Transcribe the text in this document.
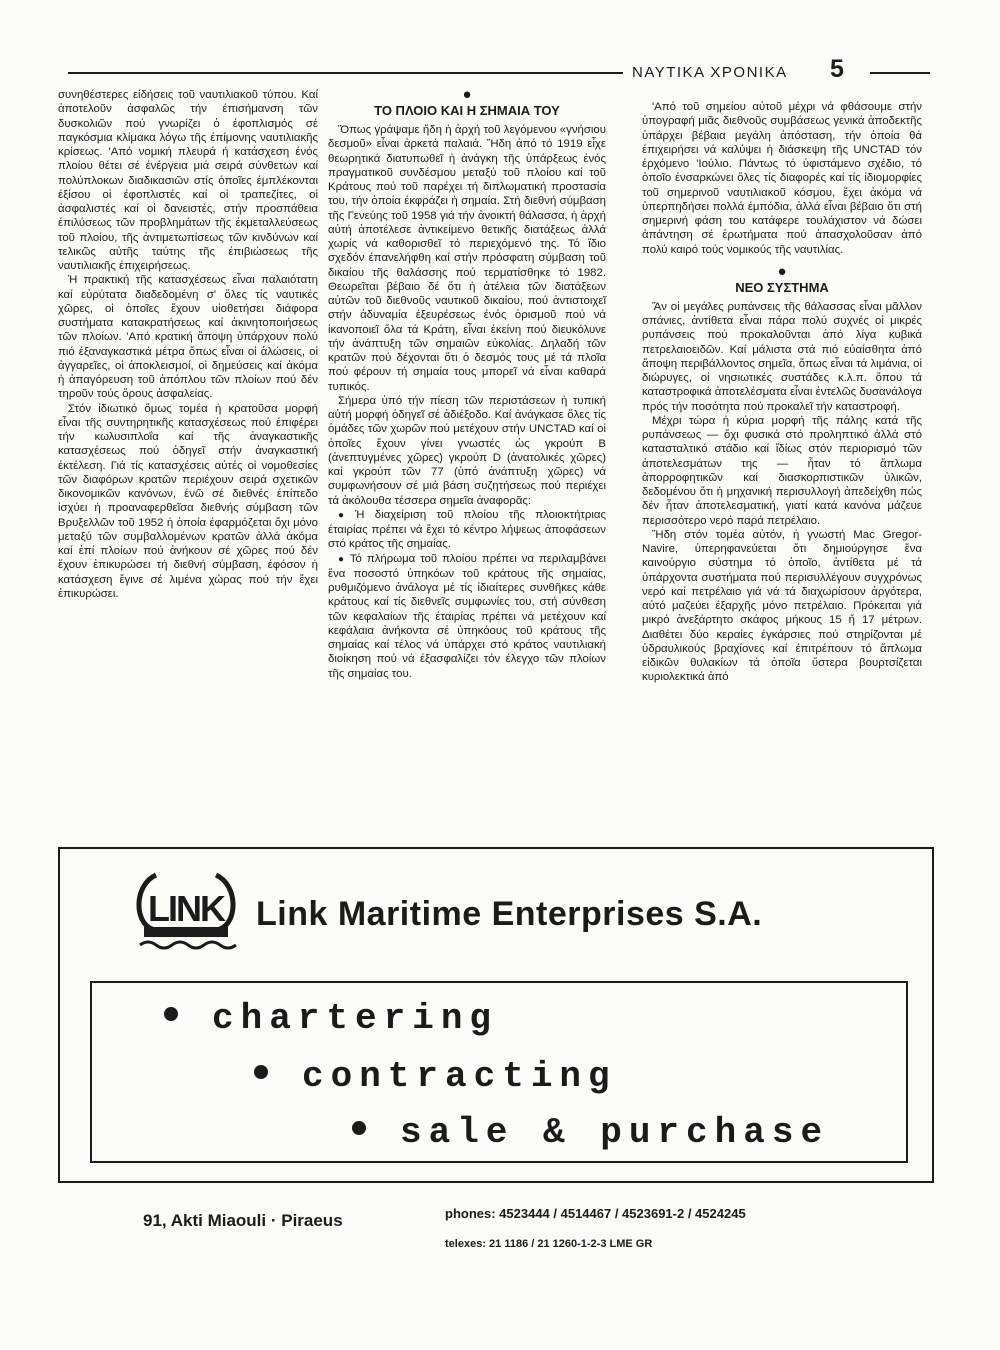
ΝΑΥΤΙΚΑ ΧΡΟΝΙΚΑ 5

συνηθέστερες είδήσεις τοῦ ναυτιλιακοῦ τύπου. Καί ἀποτελοῦν ἀσφαλῶς τήν έπισήμανση τῶν δυσκολιῶν πού γνωρίζει ὁ έφοπλισμός σέ παγκόσμια κλίμακα λόγω τῆς έπίμονης ναυτιλιακῆς κρίσεως. 'Από νομική πλευρά ή κατάσχεση ένός πλοίου θέτει σέ ένέργεια μιά σειρά σύνθετων καί πολύπλοκων διαδικασιῶν στίς όποῖες έμπλέκονται έξίσου οἱ έφοπλιστές καί οἱ τραπεζίτες, οἱ ἀσφαλιστές καί οἱ δανειστές, στήν προσπάθεια έπιλύσεως τῶν προβλημάτων τῆς έκμεταλλεύσεως τοῦ πλοίου, τῆς ἀντιμετωπίσεως τῶν κινδύνων καί τελικῶς αὐτῆς ταύτης τῆς έπιβιώσεως τῆς ναυτιλιακῆς έπιχειρήσεως.

Ἡ πρακτική τῆς κατασχέσεως εἶναι παλαιότατη καί εὐρύτατα διαδεδομένη σ' ὅλες τίς ναυτικές χῶρες, οἱ ὁποῖες ἔχουν υἱοθετήσει διάφορα συστήματα κατακρατήσεως καί ἀκινητοποιήσεως τῶν πλοίων. 'Από κρατική ἄποψη ὑπάρχουν πολύ πιό έξαναγκαστικά μέτρα ὅπως εἶναι οἱ ἁλώσεις, οἱ ἀγγαρεῖες, οἱ ἀποκλεισμοί, οἱ δημεύσεις καί ἀκόμα ἡ ἀπαγόρευση τοῦ ἀπόπλου τῶν πλοίων πού δέν τηροῦν τούς ὅρους ἀσφαλείας.

Στόν ἰδιωτικό ὅμως τομέα ἡ κρατοῦσα μορφή εἶναι τῆς συντηρητικῆς κατασχέσεως πού έπιφέρει τήν κωλυσιπλοΐα καί τῆς ἀναγκαστικῆς κατασχέσεως πού ὁδηγεῖ στήν ἀναγκαστική έκτέλεση. Γιά τίς κατασχέσεις αὐτές οἱ νομοθεσίες τῶν διαφόρων κρατῶν περιέχουν σειρά σχετικῶν δικονομικῶν κανόνων, ένῶ σέ διεθνές έπίπεδο ἰσχύει ἡ προαναφερθεῖσα διεθνής σύμβαση τῶν Βρυξελλῶν τοῦ 1952 ἡ ὁποία έφαρμόζεται ὄχι μόνο μεταξύ τῶν συμβαλλομένων κρατῶν ἀλλά ἀκόμα καί ἐπί πλοίων πού ἀνήκουν σέ χῶρες πού δέν ἔχουν ἐπικυρώσει τή διεθνή σύμβαση, έφόσον ἡ κατάσχεση ἔγινε σέ λιμένα χώρας πού τήν ἔχει ἐπικυρώσει.

●
ΤΟ ΠΛΟΙΟ ΚΑΙ Η ΣΗΜΑΙΑ ΤΟΥ

Ὅπως γράψαμε ἤδη ἡ ἀρχή τοῦ λεγόμενου «γνήσιου δεσμοῦ» εἶναι ἀρκετά παλαιά. Ἤδη ἀπό τό 1919 εἶχε θεωρητικά διατυπωθεῖ ἡ ἀνάγκη τῆς ὑπάρξεως ένός πραγματικοῦ συνδέσμου μεταξύ τοῦ πλοίου καί τοῦ Κράτους πού τοῦ παρέχει τή διπλωματική προστασία του, τήν ὁποία έκφράζει ἡ σημαία. Στή διεθνή σύμβαση τῆς Γενεύης τοῦ 1958 γιά τήν ἀνοικτή θάλασσα, ἡ ἀρχή αὐτή ἀποτέλεσε ἀντικείμενο θετικῆς διατάξεως ἀλλά χωρίς νά καθορισθεῖ τό περιεχόμενό της. Τό ἴδιο σχεδόν έπανελήφθη καί στήν πρόσφατη σύμβαση τοῦ δικαίου τῆς θαλάσσης πού τερματίσθηκε τό 1982. Θεωρεῖται βέβαιο δέ ὅτι ἡ ἀτέλεια τῶν διατάξεων αὐτῶν τοῦ διεθνοῦς ναυτικοῦ δικαίου, πού ἀντιστοιχεῖ στήν ἀδυναμία έξευρέσεως ένός ὁρισμοῦ πού νά ἱκανοποιεῖ ὅλα τά Κράτη, εἶναι έκείνη πού διευκόλυνε τήν ἀνάπτυξη τῶν σημαιῶν εὐκολίας. Δηλαδή τῶν κρατῶν πού δέχονται ὅτι ὁ δεσμός τους μέ τά πλοῖα πού φέρουν τή σημαία τους μπορεῖ νά εἶναι καθαρά τυπικός.

Σήμερα ὑπό τήν πίεση τῶν περιστάσεων ἡ τυπική αὐτή μορφή ὁδηγεῖ σέ ἀδιέξοδο. Καί ἀνάγκασε ὅλες τίς ὁμάδες τῶν χωρῶν πού μετέχουν στήν UNCTAD καί οἱ ὁποῖες ἔχουν γίνει γνωστές ὡς γκρούπ Β (ἀνεπτυγμένες χῶρες) γκρούπ D (ἀνατολικές χῶρες) καί γκρούπ τῶν 77 (ὑπό ἀνάπτυξη χῶρες) νά συμφωνήσουν σέ μιά βάση συζητήσεως πού περιέχει τά ἀκόλουθα τέσσερα σημεῖα ἀναφορᾶς:

● Ἡ διαχείριση τοῦ πλοίου τῆς πλοιοκτήτριας έταιρίας πρέπει νά ἔχει τό κέντρο λήψεως ἀποφάσεων στό κράτος τῆς σημαίας.

● Τό πλήρωμα τοῦ πλοίου πρέπει να περιλαμβάνει ἕνα ποσοστό ὑπηκόων τοῦ κράτους τῆς σημαίας, ρυθμιζόμενο ἀνάλογα μέ τίς ἰδιαίτερες συνθῆκες κάθε κράτους καί τίς διεθνεῖς συμφωνίες του, στή σύνθεση τῶν κεφαλαίων τῆς έταιρίας πρέπει νά μετέχουν καί κεφάλαια ἀνήκοντα σέ ὑπηκόους τοῦ κράτους τῆς σημαίας καί τέλος νά ὑπάρχει στό κράτος ναυτιλιακή διοίκηση πού νά έξασφαλίζει τόν έλεγχο τῶν πλοίων τῆς σημαίας του.

'Από τοῦ σημείου αὐτοῦ μέχρι νά φθάσουμε στήν ὑπογραφή μιᾶς διεθνοῦς συμβάσεως γενικά ἀποδεκτῆς ὑπάρχει βέβαια μεγάλη ἀπόσταση, τήν ὁποία θά έπιχειρήσει νά καλύψει ἡ διάσκεψη τῆς UNCTAD τόν έρχόμενο 'Ιούλιο. Πάντως τό ὑφιστάμενο σχέδιο, τό ὁποῖο ένσαρκώνει ὅλες τίς διαφορές καί τίς ἰδιομορφίες τοῦ σημερινοῦ ναυτιλιακοῦ κόσμου, ἔχει ἀκόμα νά ὑπερπηδήσει πολλά έμπόδια, ἀλλά εἶναι βέβαιο ὅτι στή σημερινή φάση του κατάφερε τουλάχιστον νά δώσει ἀπάντηση σέ ἐρωτήματα πού ἀπασχολοῦσαν ἀπό πολύ καιρό τούς νομικούς τῆς ναυτιλίας.

●
ΝΕΟ ΣΥΣΤΗΜΑ

Ἄν οἱ μεγάλες ρυπάνσεις τῆς θάλασσας εἶναι μᾶλλον σπάνιες, ἀντίθετα εἶναι πάρα πολύ συχνές οἱ μικρές ρυπάνσεις πού προκαλοῦνται ἀπό λίγα κυβικά πετρελαιοειδῶν. Καί μάλιστα στά πιό εὐαίσθητα ἀπό ἄποψη περιβάλλοντος σημεῖα, ὅπως εἶναι τά λιμάνια, οἱ διώρυγες, οἱ νησιωτικές συστάδες κ.λ.π. ὅπου τά καταστροφικά ἀποτελέσματα εἶναι ἐντελῶς δυσανάλογα πρός τήν ποσότητα πού προκαλεῖ τήν καταστροφή.

Μέχρι τώρα ἡ κύρια μορφή τῆς πάλης κατά τῆς ρυπάνσεως — ὄχι φυσικά στό προληπτικό ἀλλά στό κατασταλτικό στάδιο καί ἴδίως στόν περιορισμό τῶν ἀποτελεσμάτων της — ἦταν τό ἅπλωμα ἀπορροφητικῶν καί διασκορπιστικῶν ὑλικῶν, δεδομένου ὅτι ἡ μηχανική περισυλλογή ἀπεδείχθη πώς δέν ἦταν ἀποτελεσματική, γιατί κατά κανόνα μάζευε περισσότερο νερό παρά πετρέλαιο.

Ἤδη στόν τομέα αὐτόν, ἡ γνωστή Mac Gregor-Navire, ὑπερηφανεύεται ὅτι δημιούργησε ἕνα καινούργιο σύστημα τό ὁποῖο, ἀντίθετα μέ τά ὑπάρχοντα συστήματα πού περισυλλέγουν συγχρόνως νερό καί πετρέλαιο γιά νά τά διαχωρίσουν ἀργότερα, αὐτό μαζεύει έξαρχῆς μόνο πετρέλαιο. Πρόκειται γιά μικρό ἀνεξάρτητο σκάφος μήκους 15 ἤ 17 μέτρων. Διαθέτει δύο κεραίες έγκάρσιες πού στηρίζονται μέ ὑδραυλικούς βραχίονες καί έπιτρέπουν τό ἅπλωμα εἰδικῶν θυλακίων τά ὁποῖα ὕστερα βουρτσίζεται κυριολεκτικά ἀπό

LINK Link Maritime Enterprises S.A.
chartering
contracting
sale & purchase
91, Akti Miaouli · Piraeus	phones: 4523444 / 4514467 / 4523691-2 / 4524245
telexes: 21 1186 / 21 1260-1-2-3 LME GR
